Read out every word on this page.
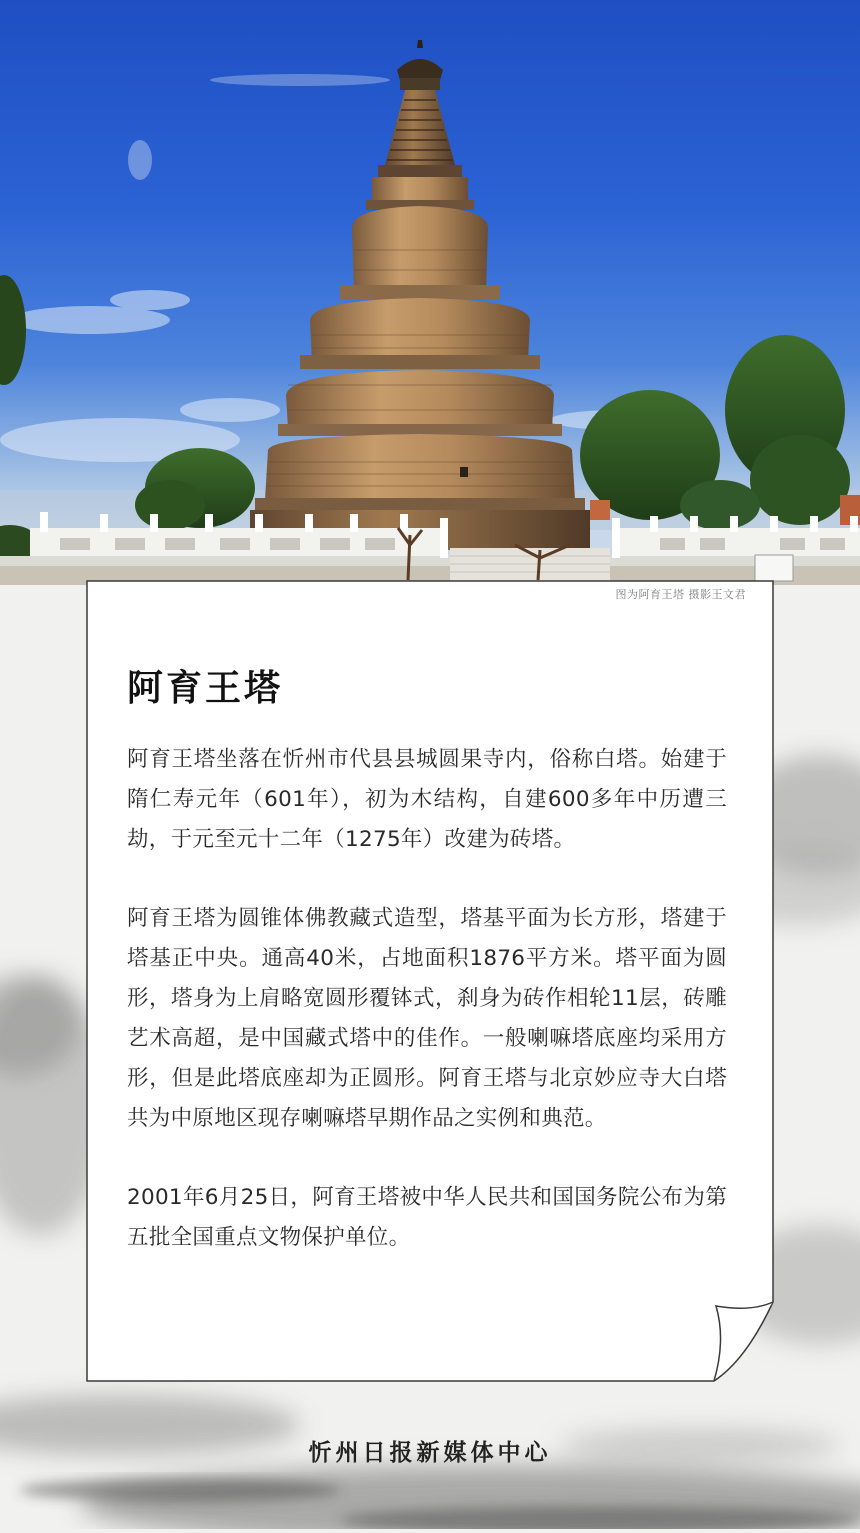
图为阿育王塔 摄影王文君
阿育王塔

阿育王塔坐落在忻州市代县县城圆果寺内，俗称白塔。始建于隋仁寿元年（601年），初为木结构，自建600多年中历遭三劫，于元至元十二年（1275年）改建为砖塔。

阿育王塔为圆锥体佛教藏式造型，塔基平面为长方形，塔建于塔基正中央。通高40米，占地面积1876平方米。塔平面为圆形，塔身为上肩略宽圆形覆钵式，刹身为砖作相轮11层，砖雕艺术高超，是中国藏式塔中的佳作。一般喇嘛塔底座均采用方形，但是此塔底座却为正圆形。阿育王塔与北京妙应寺大白塔共为中原地区现存喇嘛塔早期作品之实例和典范。

2001年6月25日，阿育王塔被中华人民共和国国务院公布为第五批全国重点文物保护单位。

忻州日报新媒体中心
